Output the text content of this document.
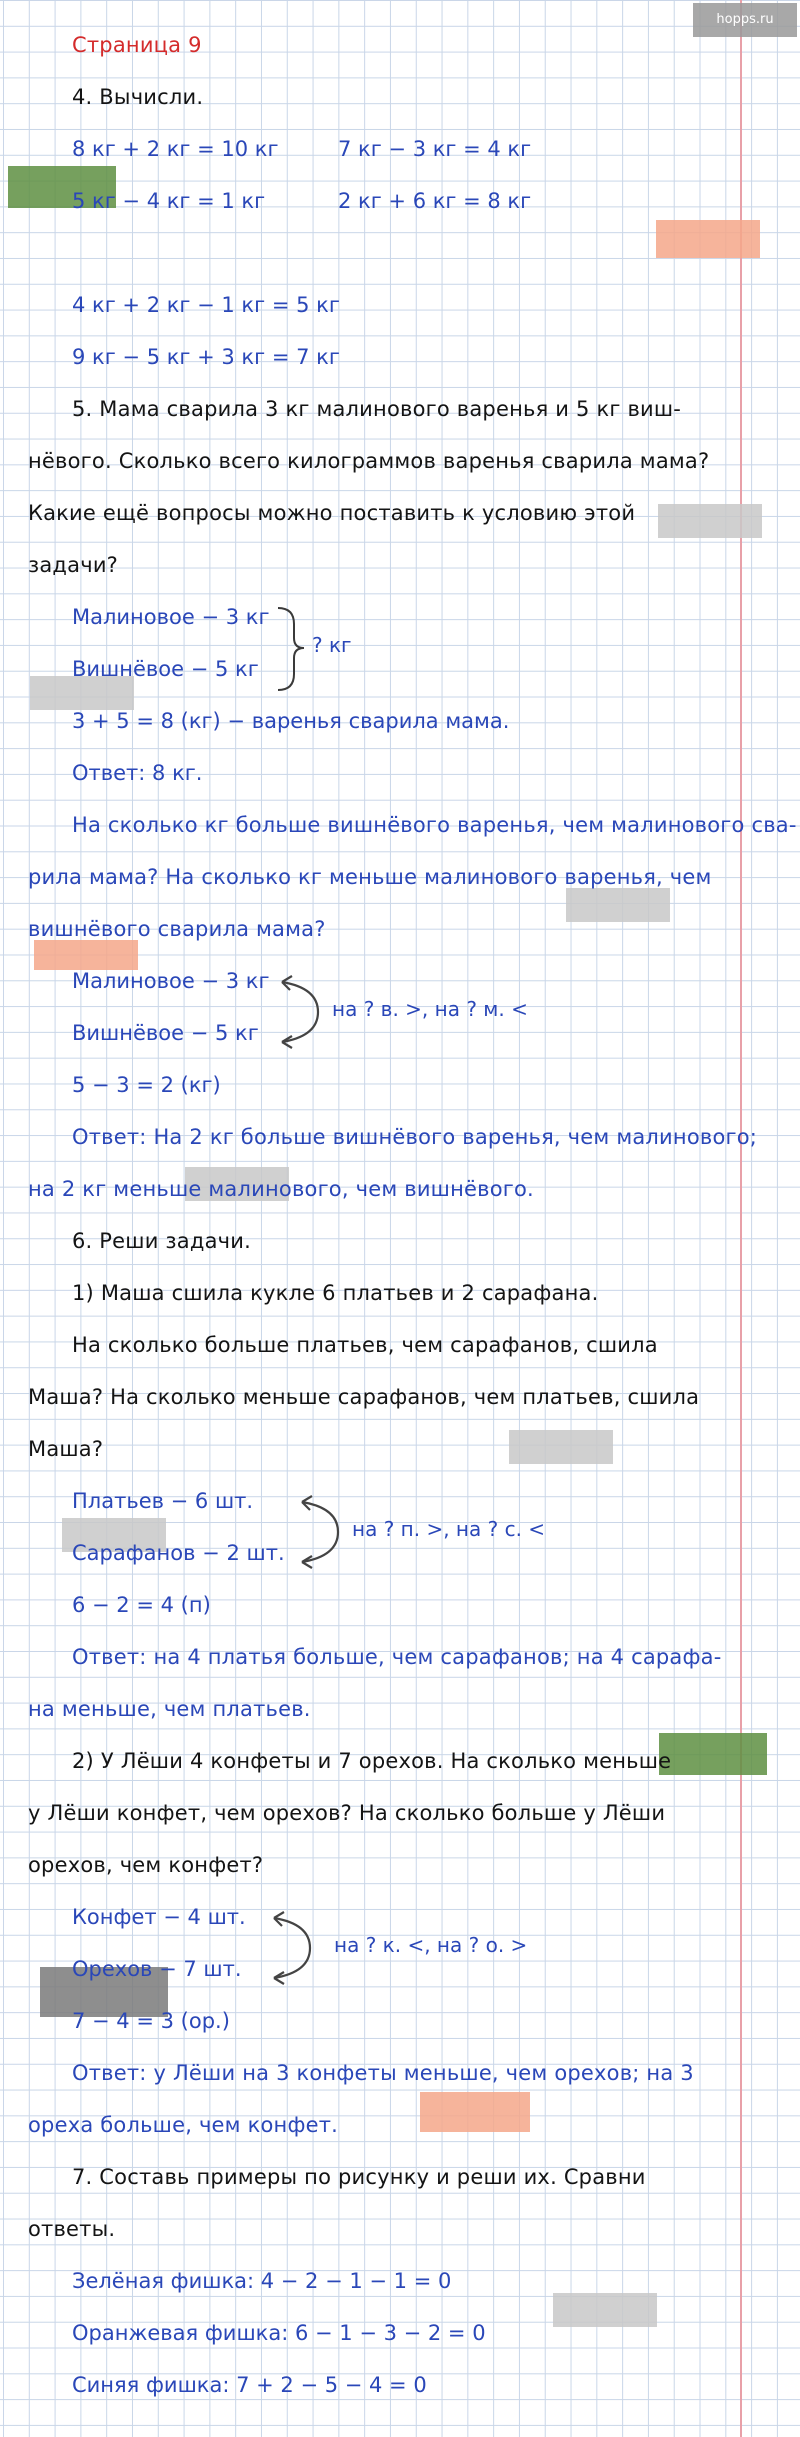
hopps.ru
Страница 9
4. Вычисли.
8 кг + 2 кг = 10 кг	7 кг − 3 кг = 4 кг
5 кг − 4 кг = 1 кг	2 кг + 6 кг = 8 кг
4 кг + 2 кг − 1 кг = 5 кг
9 кг − 5 кг + 3 кг = 7 кг
5. Мама сварила 3 кг малинового варенья и 5 кг виш-
нёвого. Сколько всего килограммов варенья сварила мама?
Какие ещё вопросы можно поставить к условию этой
задачи?
Малиновое − 3 кг
Вишнёвое − 5 кг
? кг
3 + 5 = 8 (кг) − варенья сварила мама.
Ответ: 8 кг.
На сколько кг больше вишнёвого варенья, чем малинового сва-
рила мама? На сколько кг меньше малинового варенья, чем
вишнёвого сварила мама?
Малиновое − 3 кг
Вишнёвое − 5 кг
на ? в. >, на ? м. <
5 − 3 = 2 (кг)
Ответ: На 2 кг больше вишнёвого варенья, чем малинового;
на 2 кг меньше малинового, чем вишнёвого.
6. Реши задачи.
1) Маша сшила кукле 6 платьев и 2 сарафана.
На сколько больше платьев, чем сарафанов, сшила
Маша? На сколько меньше сарафанов, чем платьев, сшила
Маша?
Платьев − 6 шт.
Сарафанов − 2 шт.
на ? п. >, на ? с. <
6 − 2 = 4 (п)
Ответ: на 4 платья больше, чем сарафанов; на 4 сарафа-
на меньше, чем платьев.
2) У Лёши 4 конфеты и 7 орехов. На сколько меньше
у Лёши конфет, чем орехов? На сколько больше у Лёши
орехов, чем конфет?
Конфет − 4 шт.
Орехов − 7 шт.
на ? к. <, на ? о. >
7 − 4 = 3 (ор.)
Ответ: у Лёши на 3 конфеты меньше, чем орехов; на 3
ореха больше, чем конфет.
7. Составь примеры по рисунку и реши их. Сравни
ответы.
Зелёная фишка: 4 − 2 − 1 − 1 = 0
Оранжевая фишка: 6 − 1 − 3 − 2 = 0
Синяя фишка: 7 + 2 − 5 − 4 = 0
